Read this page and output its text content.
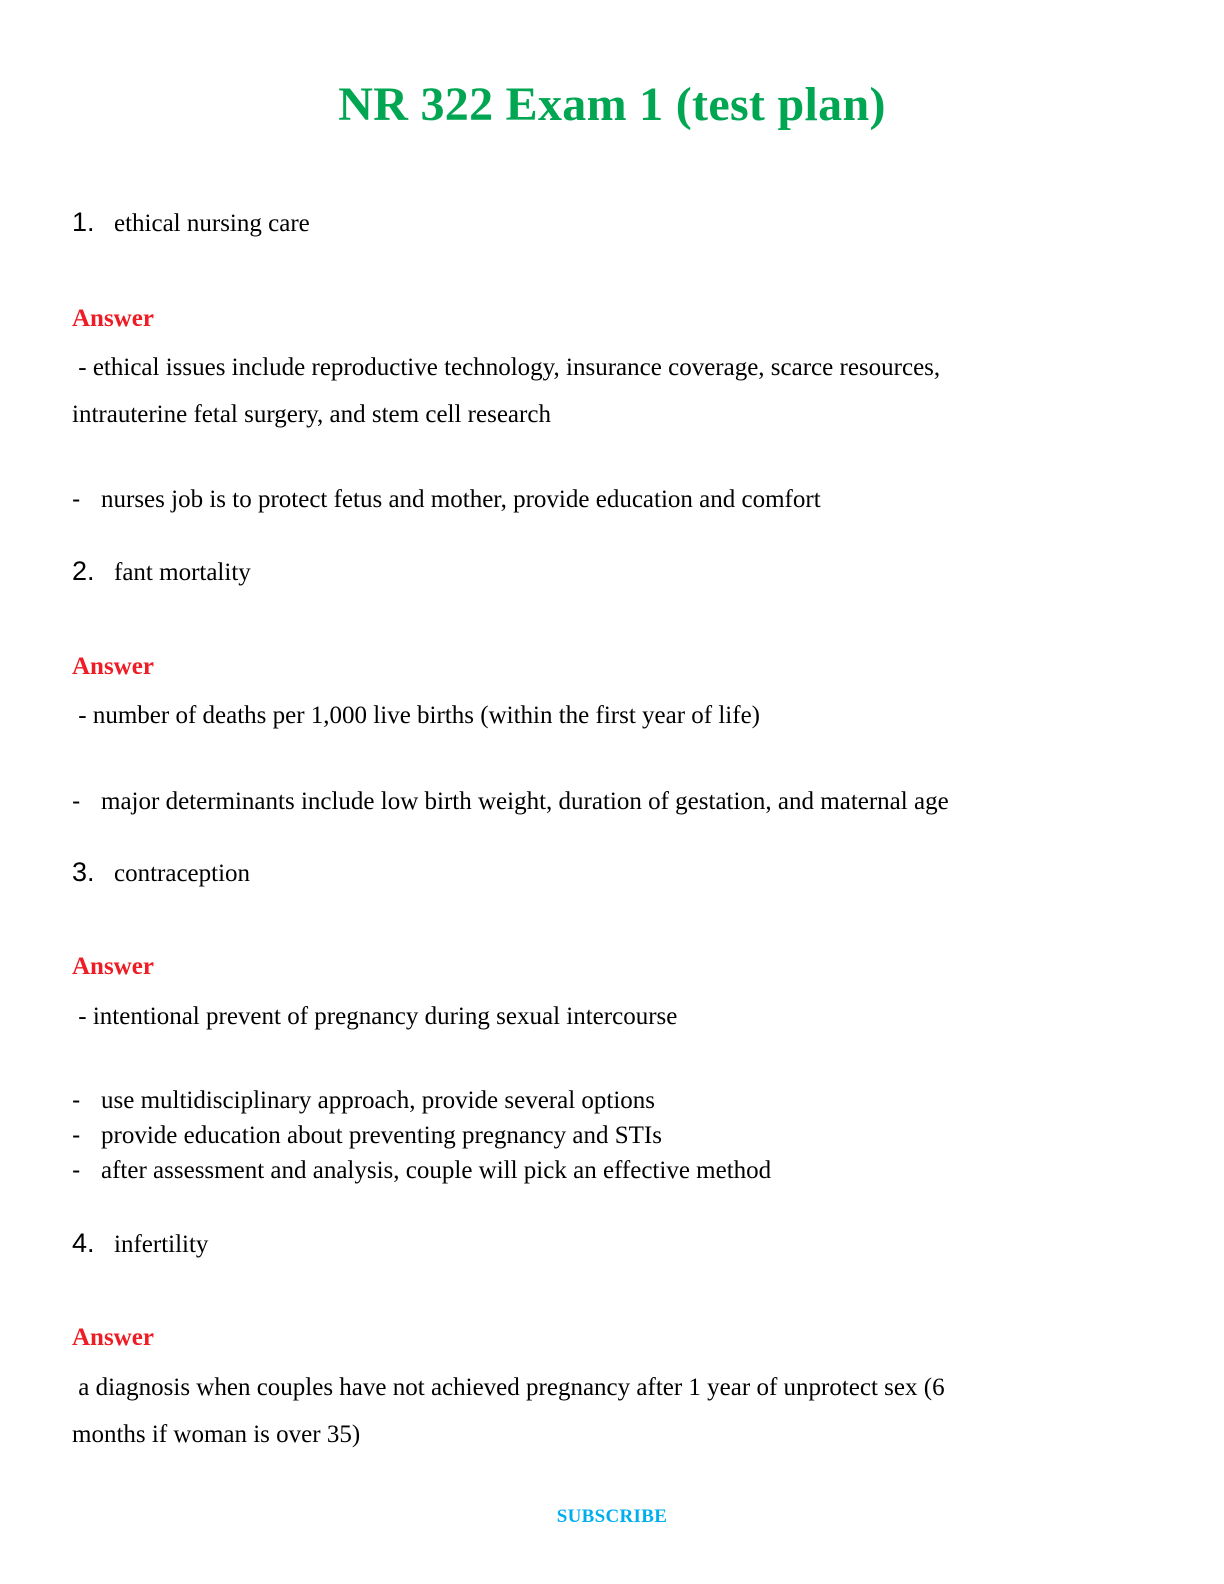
NR 322 Exam 1 (test plan)
1. ethical nursing care
Answer
- ethical issues include reproductive technology, insurance coverage, scarce resources,
intrauterine fetal surgery, and stem cell research
- nurses job is to protect fetus and mother, provide education and comfort
2. fant mortality
Answer
- number of deaths per 1,000 live births (within the first year of life)
- major determinants include low birth weight, duration of gestation, and maternal age
3. contraception
Answer
- intentional prevent of pregnancy during sexual intercourse
- use multidisciplinary approach, provide several options
- provide education about preventing pregnancy and STIs
- after assessment and analysis, couple will pick an effective method
4. infertility
Answer
a diagnosis when couples have not achieved pregnancy after 1 year of unprotect sex (6
months if woman is over 35)
SUBSCRIBE
